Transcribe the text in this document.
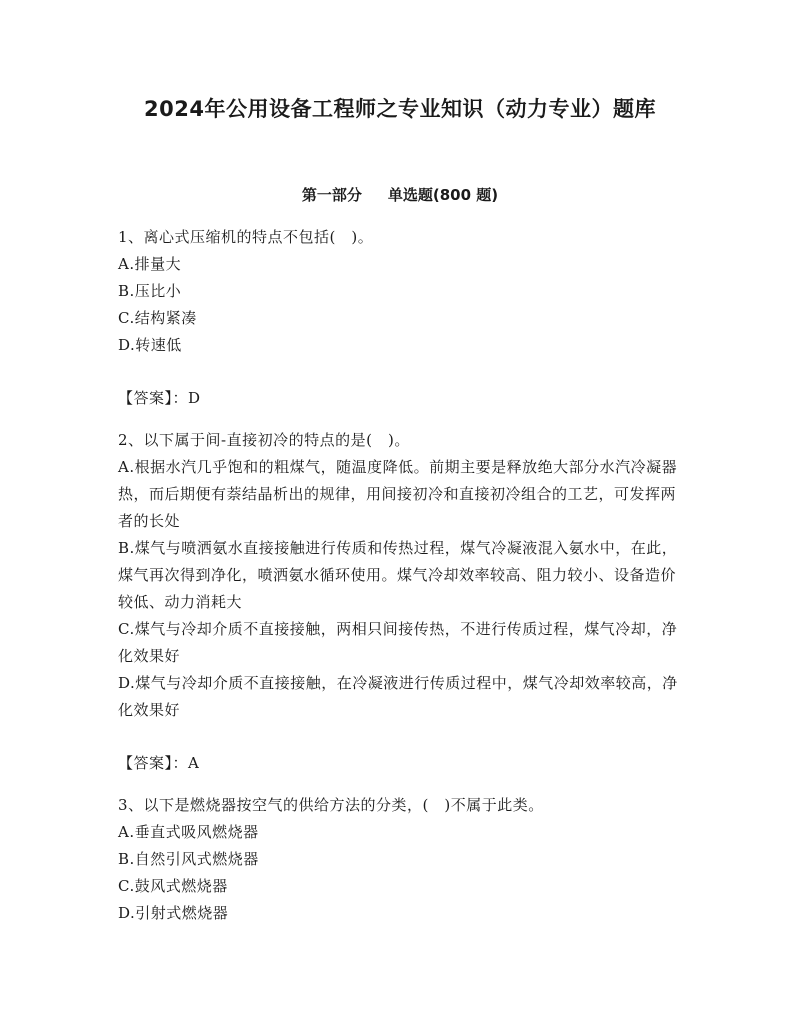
2024年公用设备工程师之专业知识（动力专业）题库
第一部分 单选题(800 题)

1、离心式压缩机的特点不包括(　)。

A.排量大

B.压比小

C.结构紧凑

D.转速低

【答案】：D

2、以下属于间-直接初冷的特点的是(　)。

A.根据水汽几乎饱和的粗煤气，随温度降低。前期主要是释放绝大部分水汽冷凝器热，而后期便有萘结晶析出的规律，用间接初冷和直接初冷组合的工艺，可发挥两者的长处

B.煤气与喷洒氨水直接接触进行传质和传热过程，煤气冷凝液混入氨水中，在此，煤气再次得到净化，喷洒氨水循环使用。煤气冷却效率较高、阻力较小、设备造价较低、动力消耗大

C.煤气与冷却介质不直接接触，两相只间接传热，不进行传质过程，煤气冷却，净化效果好

D.煤气与冷却介质不直接接触，在冷凝液进行传质过程中，煤气冷却效率较高，净化效果好

【答案】：A

3、以下是燃烧器按空气的供给方法的分类，(　)不属于此类。

A.垂直式吸风燃烧器

B.自然引风式燃烧器

C.鼓风式燃烧器

D.引射式燃烧器
